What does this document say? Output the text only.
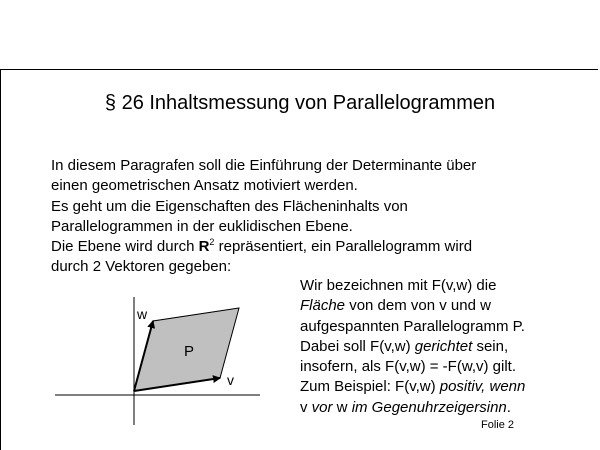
§ 26 Inhaltsmessung von Parallelogrammen

In diesem Paragrafen soll die Einführung der Determinante über

einen geometrischen Ansatz motiviert werden.

Es geht um die Eigenschaften des Flächeninhalts von

Parallelogrammen in der euklidischen Ebene.

Die Ebene wird durch $R^2$ repräsentiert, ein Parallelogramm wird

durch 2 Vektoren gegeben:

Wir bezeichnen mit F(v,w) die

Fläche von dem von v und w

aufgespannten Parallelogramm P.

Dabei soll F(v,w) gerichtet sein,

insofern, als F(v,w) = -F(w,v) gilt.

Zum Beispiel: F(v,w) positiv, wenn

v vor w im Gegenuhrzeigersinn.

w
P
v
Folie 2
